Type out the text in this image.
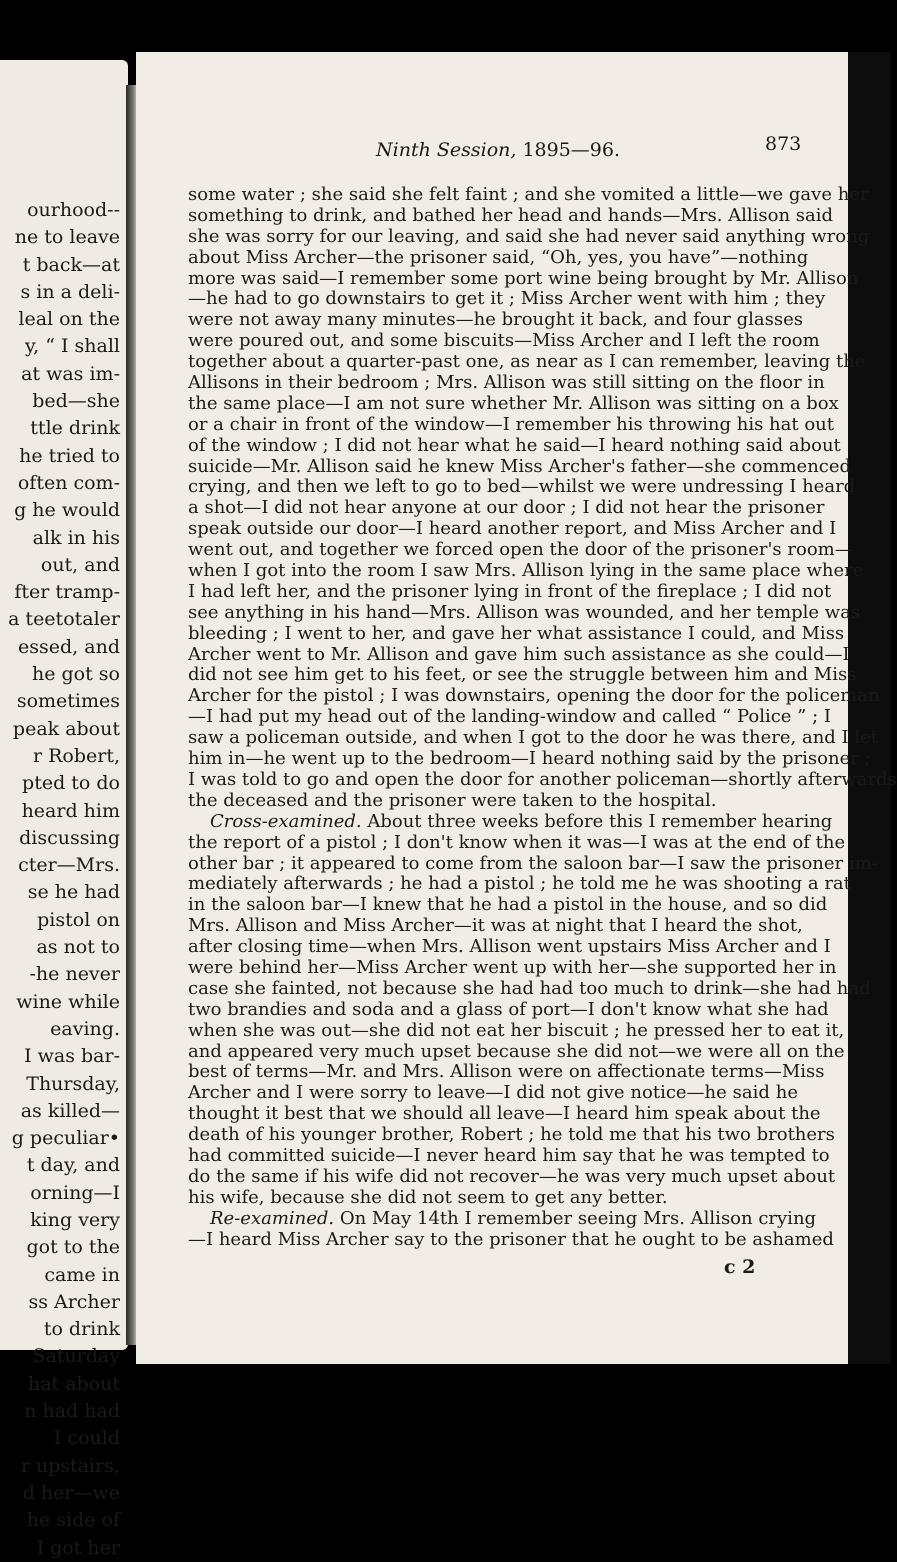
ourhood--
ne to leave
t back—at
s in a deli-
leal on the
y, “ I shall
at was im-
bed—she
ttle drink
he tried to
often com-
g he would
alk in his
out, and
fter tramp-
a teetotaler
essed, and
he got so
sometimes
peak about
r Robert,
pted to do
heard him
discussing
cter—Mrs.
se he had
pistol on
as not to
-he never
wine while
eaving.
I was bar-
Thursday,
as killed—
g peculiar•
t day, and
orning—I
king very
got to the
came in
ss Archer
to drink
Saturday
hat about
n had had
I could
r upstairs,
d her—we
he side of
I got her
Ninth Session, 1895—96.	873
some water ; she said she felt faint ; and she vomited a little—we gave her
something to drink, and bathed her head and hands—Mrs. Allison said
she was sorry for our leaving, and said she had never said anything wrong
about Miss Archer—the prisoner said, “Oh, yes, you have”—nothing
more was said—I remember some port wine being brought by Mr. Allison
—he had to go downstairs to get it ; Miss Archer went with him ; they
were not away many minutes—he brought it back, and four glasses
were poured out, and some biscuits—Miss Archer and I left the room
together about a quarter-past one, as near as I can remember, leaving the
Allisons in their bedroom ; Mrs. Allison was still sitting on the floor in
the same place—I am not sure whether Mr. Allison was sitting on a box
or a chair in front of the window—I remember his throwing his hat out
of the window ; I did not hear what he said—I heard nothing said about
suicide—Mr. Allison said he knew Miss Archer's father—she commenced
crying, and then we left to go to bed—whilst we were undressing I heard
a shot—I did not hear anyone at our door ; I did not hear the prisoner
speak outside our door—I heard another report, and Miss Archer and I
went out, and together we forced open the door of the prisoner's room—
when I got into the room I saw Mrs. Allison lying in the same place where
I had left her, and the prisoner lying in front of the fireplace ; I did not
see anything in his hand—Mrs. Allison was wounded, and her temple was
bleeding ; I went to her, and gave her what assistance I could, and Miss
Archer went to Mr. Allison and gave him such assistance as she could—I
did not see him get to his feet, or see the struggle between him and Miss
Archer for the pistol ; I was downstairs, opening the door for the policeman
—I had put my head out of the landing-window and called “ Police ” ; I
saw a policeman outside, and when I got to the door he was there, and I let
him in—he went up to the bedroom—I heard nothing said by the prisoner ;
I was told to go and open the door for another policeman—shortly afterwards
the deceased and the prisoner were taken to the hospital.
Cross-examined. About three weeks before this I remember hearing
the report of a pistol ; I don't know when it was—I was at the end of the
other bar ; it appeared to come from the saloon bar—I saw the prisoner im-
mediately afterwards ; he had a pistol ; he told me he was shooting a rat
in the saloon bar—I knew that he had a pistol in the house, and so did
Mrs. Allison and Miss Archer—it was at night that I heard the shot,
after closing time—when Mrs. Allison went upstairs Miss Archer and I
were behind her—Miss Archer went up with her—she supported her in
case she fainted, not because she had had too much to drink—she had had
two brandies and soda and a glass of port—I don't know what she had
when she was out—she did not eat her biscuit ; he pressed her to eat it,
and appeared very much upset because she did not—we were all on the
best of terms—Mr. and Mrs. Allison were on affectionate terms—Miss
Archer and I were sorry to leave—I did not give notice—he said he
thought it best that we should all leave—I heard him speak about the
death of his younger brother, Robert ; he told me that his two brothers
had committed suicide—I never heard him say that he was tempted to
do the same if his wife did not recover—he was very much upset about
his wife, because she did not seem to get any better.
Re-examined. On May 14th I remember seeing Mrs. Allison crying
—I heard Miss Archer say to the prisoner that he ought to be ashamed
c 2
